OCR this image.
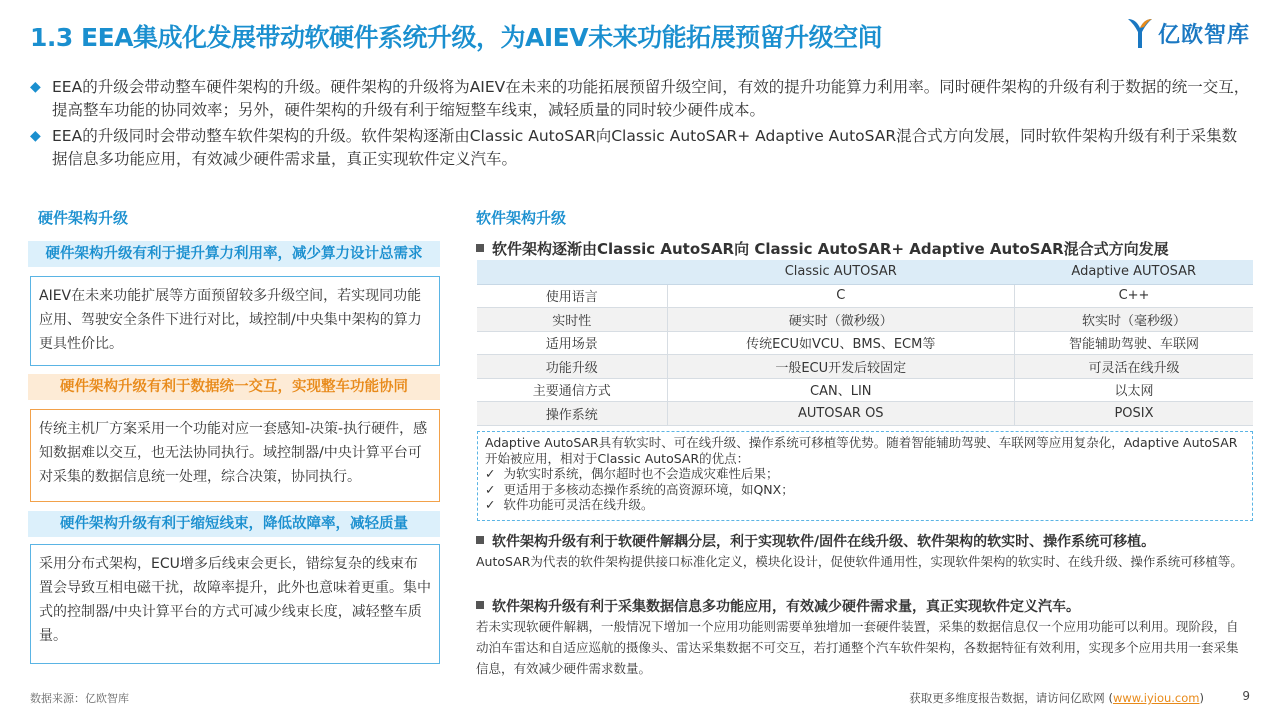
1.3 EEA集成化发展带动软硬件系统升级，为AIEV未来功能拓展预留升级空间	亿欧智库
◆ EEA的升级会带动整车硬件架构的升级。硬件架构的升级将为AIEV在未来的功能拓展预留升级空间，有效的提升功能算力利用率。同时硬件架构的升级有利于数据的统一交互，提高整车功能的协同效率；另外，硬件架构的升级有利于缩短整车线束，减轻质量的同时较少硬件成本。
◆ EEA的升级同时会带动整车软件架构的升级。软件架构逐渐由Classic AutoSAR向Classic AutoSAR+ Adaptive AutoSAR混合式方向发展，同时软件架构升级有利于采集数据信息多功能应用，有效减少硬件需求量，真正实现软件定义汽车。
硬件架构升级
硬件架构升级有利于提升算力利用率，减少算力设计总需求
AIEV在未来功能扩展等方面预留较多升级空间，若实现同功能应用、驾驶安全条件下进行对比，域控制/中央集中架构的算力更具性价比。
硬件架构升级有利于数据统一交互，实现整车功能协同
传统主机厂方案采用一个功能对应一套感知-决策-执行硬件，感知数据难以交互，也无法协同执行。域控制器/中央计算平台可对采集的数据信息统一处理，综合决策，协同执行。
硬件架构升级有利于缩短线束，降低故障率，减轻质量
采用分布式架构，ECU增多后线束会更长，错综复杂的线束布置会导致互相电磁干扰，故障率提升，此外也意味着更重。集中式的控制器/中央计算平台的方式可减少线束长度，减轻整车质量。
软件架构升级
软件架构逐渐由Classic AutoSAR向 Classic AutoSAR+ Adaptive AutoSAR混合式方向发展
	Classic AUTOSAR	Adaptive AUTOSAR
使用语言	C	C++
实时性	硬实时（微秒级）	软实时（毫秒级）
适用场景	传统ECU如VCU、BMS、ECM等	智能辅助驾驶、车联网
功能升级	一般ECU开发后较固定	可灵活在线升级
主要通信方式	CAN、LIN	以太网
操作系统	AUTOSAR OS	POSIX
Adaptive AutoSAR具有软实时、可在线升级、操作系统可移植等优势。随着智能辅助驾驶、车联网等应用复杂化，Adaptive AutoSAR开始被应用，相对于Classic AutoSAR的优点：
✓ 为软实时系统，偶尔超时也不会造成灾难性后果；
✓ 更适用于多核动态操作系统的高资源环境，如QNX；
✓ 软件功能可灵活在线升级。
软件架构升级有利于软硬件解耦分层，利于实现软件/固件在线升级、软件架构的软实时、操作系统可移植。
AutoSAR为代表的软件架构提供接口标准化定义，模块化设计，促使软件通用性，实现软件架构的软实时、在线升级、操作系统可移植等。
软件架构升级有利于采集数据信息多功能应用，有效减少硬件需求量，真正实现软件定义汽车。
若未实现软硬件解耦，一般情况下增加一个应用功能则需要单独增加一套硬件装置，采集的数据信息仅一个应用功能可以利用。现阶段，自动泊车雷达和自适应巡航的摄像头、雷达采集数据不可交互，若打通整个汽车软件架构，各数据特征有效利用，实现多个应用共用一套采集信息，有效减少硬件需求数量。
数据来源：亿欧智库	获取更多维度报告数据，请访问亿欧网 (www.iyiou.com)	9
